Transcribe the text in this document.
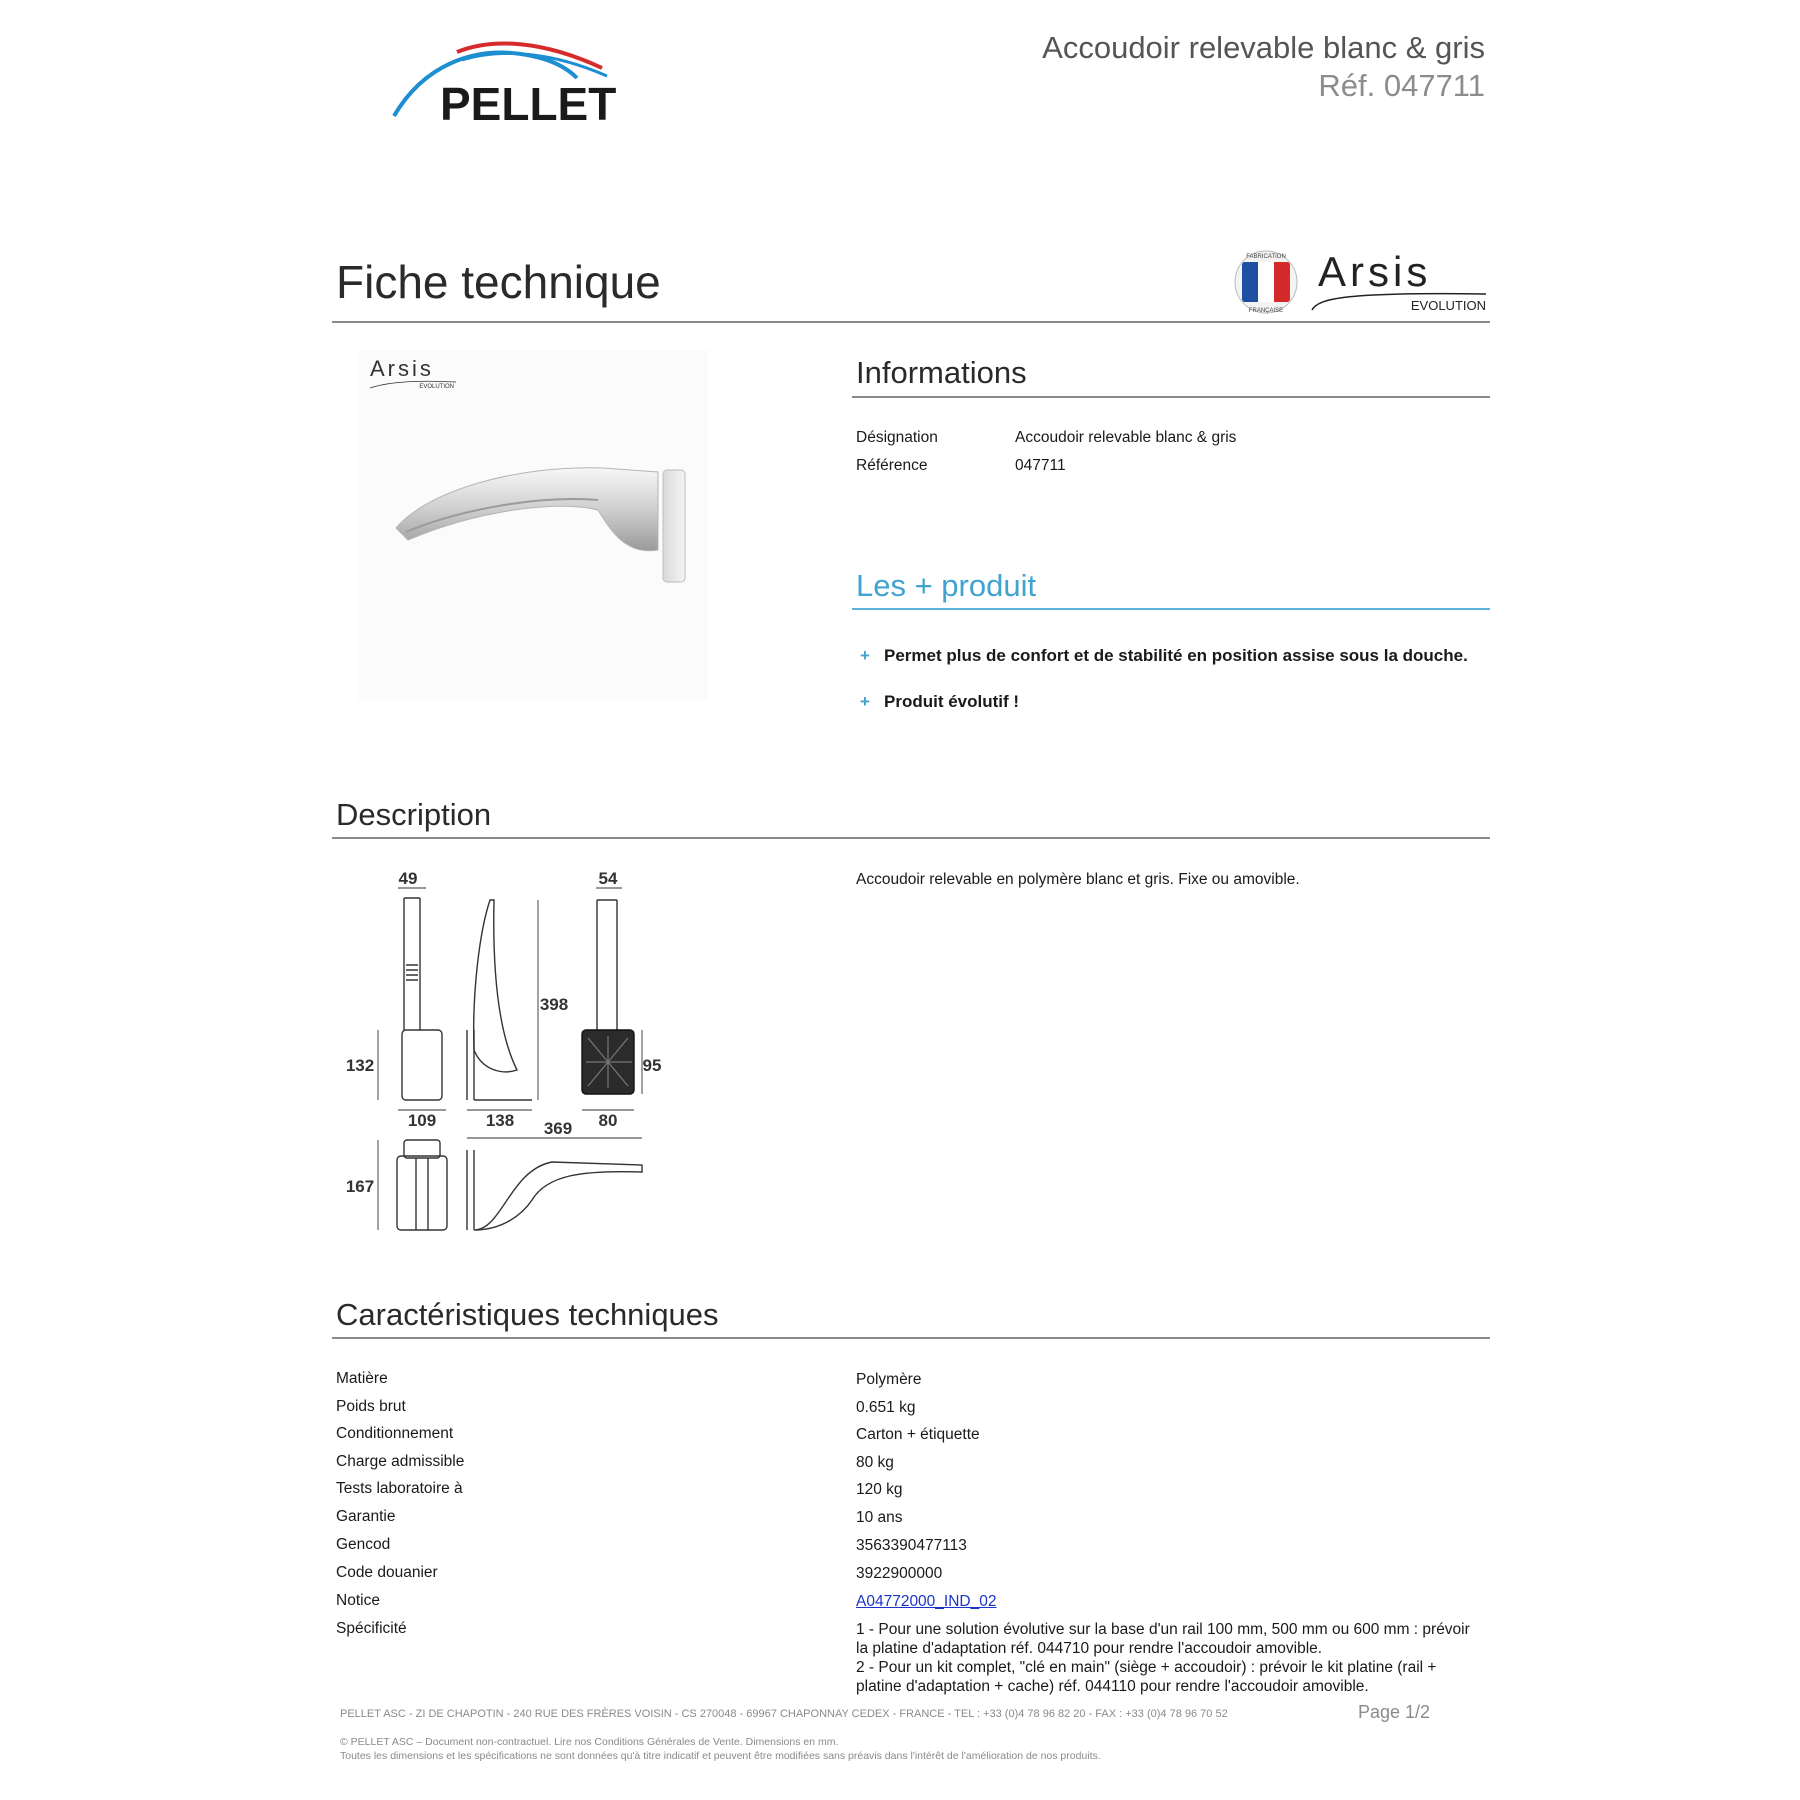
PELLET
Accoudoir relevable blanc & gris
Réf. 047711
Fiche technique	FABRICATION
FRANÇAISE
Arsis
EVOLUTION
Arsis
EVOLUTION	Informations
Désignation	Accoudoir relevable blanc & gris
Référence	047711
Les + produit
+ Permet plus de confort et de stabilité en position assise sous la douche.
+ Produit évolutif !
Description
49	54
398
132	95
109	138	80
369
167
Accoudoir relevable en polymère blanc et gris. Fixe ou amovible.
Caractéristiques techniques
Matière	Polymère
Poids brut	0.651 kg
Conditionnement	Carton + étiquette
Charge admissible	80 kg
Tests laboratoire à	120 kg
Garantie	10 ans
Gencod	3563390477113
Code douanier	3922900000
Notice	A04772000_IND_02
Spécificité	1 - Pour une solution évolutive sur la base d'un rail 100 mm, 500 mm ou 600 mm : prévoir la platine d'adaptation réf. 044710 pour rendre l'accoudoir amovible.
2 - Pour un kit complet, "clé en main" (siège + accoudoir) : prévoir le kit platine (rail + platine d'adaptation + cache) réf. 044110 pour rendre l'accoudoir amovible.
PELLET ASC - ZI DE CHAPOTIN - 240 RUE DES FRÈRES VOISIN - CS 270048 - 69967 CHAPONNAY CEDEX - FRANCE - TEL : +33 (0)4 78 96 82 20 - FAX : +33 (0)4 78 96 70 52	Page 1/2
© PELLET ASC – Document non-contractuel. Lire nos Conditions Générales de Vente. Dimensions en mm.
Toutes les dimensions et les spécifications ne sont données qu'à titre indicatif et peuvent être modifiées sans préavis dans l'intérêt de l'amélioration de nos produits.
